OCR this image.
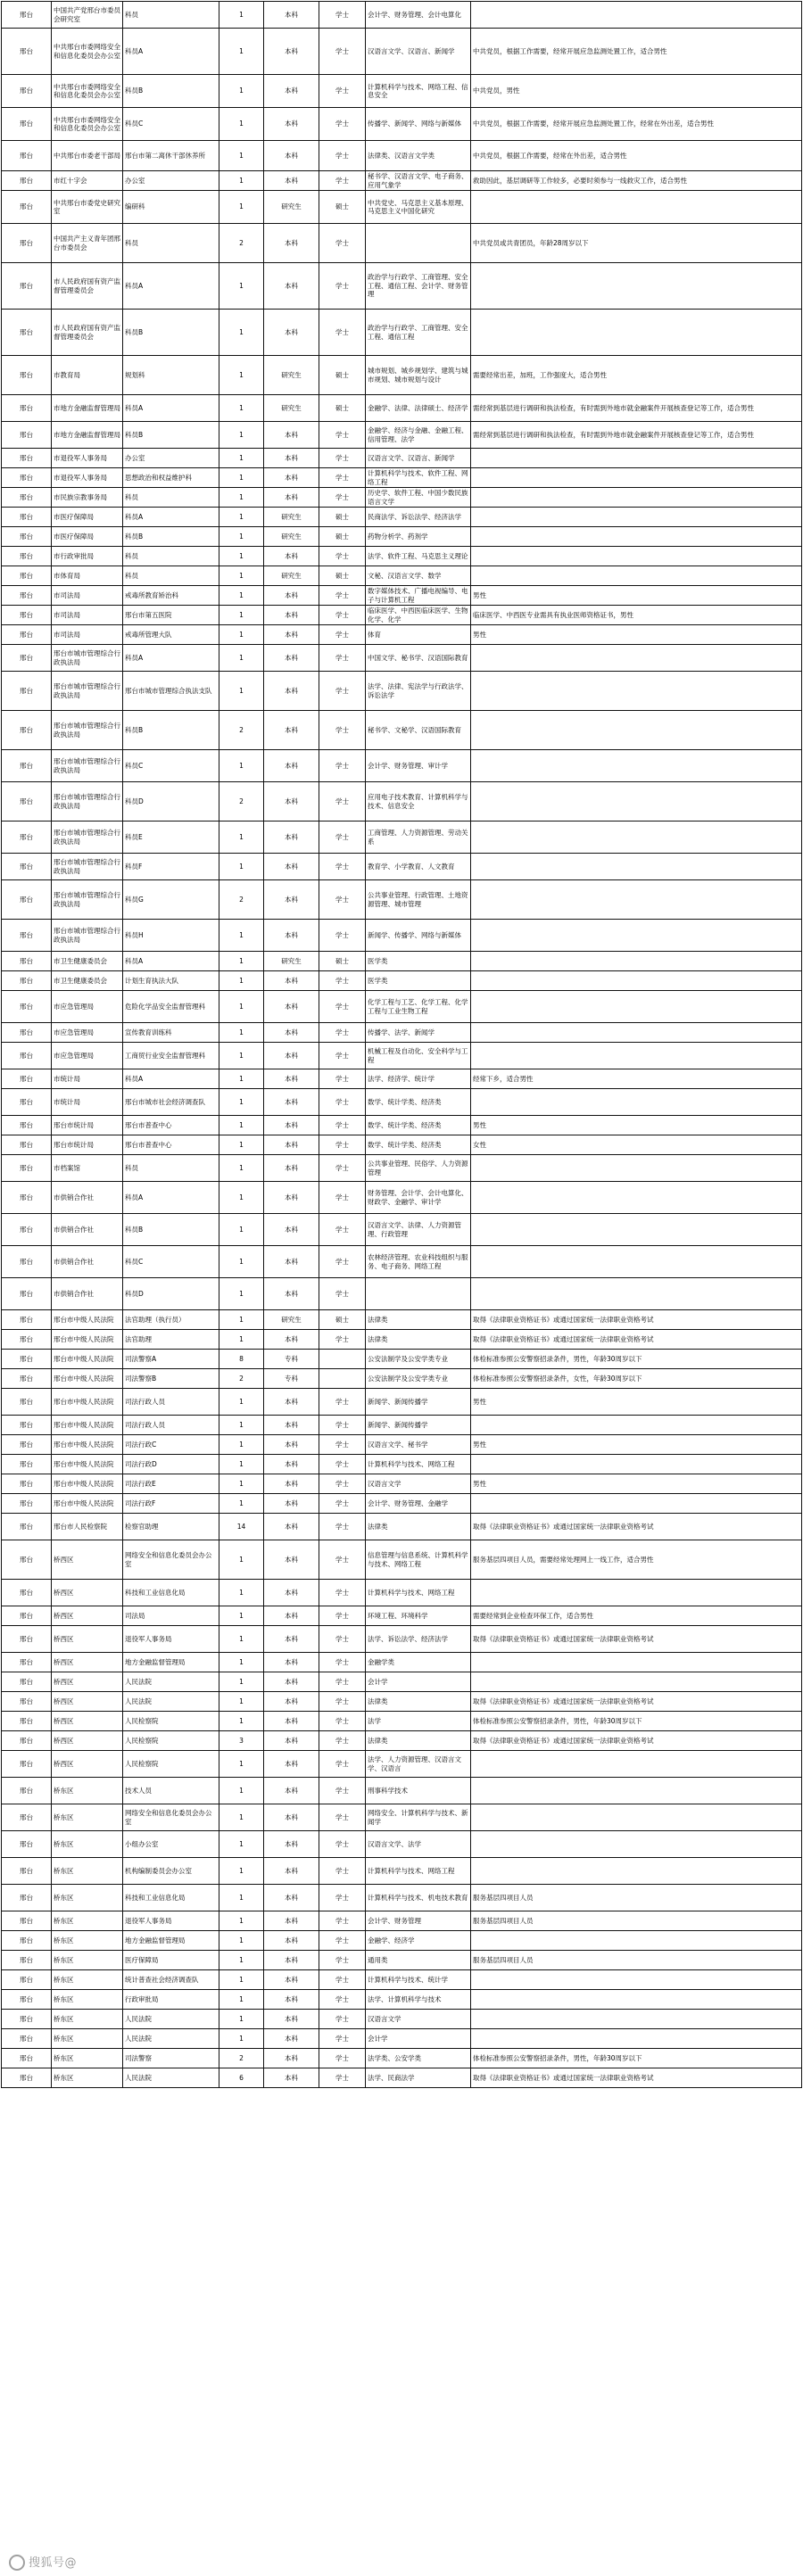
邢台	中国共产党邢台市委员会研究室	科员	1	本科	学士	会计学、财务管理、会计电算化	
邢台	中共邢台市委网络安全和信息化委员会办公室	科员A	1	本科	学士	汉语言文学、汉语言、新闻学	中共党员，根据工作需要，经常开展应急监测处置工作，适合男性
邢台	中共邢台市委网络安全和信息化委员会办公室	科员B	1	本科	学士	计算机科学与技术、网络工程、信息安全	中共党员，男性
邢台	中共邢台市委网络安全和信息化委员会办公室	科员C	1	本科	学士	传播学、新闻学、网络与新媒体	中共党员，根据工作需要，经常开展应急监测处置工作，经常在外出差，适合男性
邢台	中共邢台市委老干部局	邢台市第二离休干部休养所	1	本科	学士	法律类、汉语言文学类	中共党员，根据工作需要，经常在外出差，适合男性
邢台	市红十字会	办公室	1	本科	学士	秘书学、汉语言文学、电子商务、应用气象学	救助因此，基层调研等工作较多，必要时须参与一线救灾工作，适合男性
邢台	中共邢台市委党史研究室	编研科	1	研究生	硕士	中共党史、马克思主义基本原理、马克思主义中国化研究	
邢台	中国共产主义青年团邢台市委员会	科员	2	本科	学士		中共党员或共青团员，年龄28周岁以下
邢台	市人民政府国有资产监督管理委员会	科员A	1	本科	学士	政治学与行政学、工商管理、安全工程、通信工程、会计学、财务管理	
邢台	市人民政府国有资产监督管理委员会	科员B	1	本科	学士	政治学与行政学、工商管理、安全工程、通信工程	
邢台	市教育局	规划科	1	研究生	硕士	城市规划、城乡规划学、建筑与城市规划、城市规划与设计	需要经常出差，加班，工作强度大，适合男性
邢台	市地方金融监督管理局	科员A	1	研究生	硕士	金融学、法律、法律硕士、经济学	需经常到基层进行调研和执法检查，有时需到外地市就金融案件开展核查登记等工作，适合男性
邢台	市地方金融监督管理局	科员B	1	本科	学士	金融学、经济与金融、金融工程、信用管理、法学	需经常到基层进行调研和执法检查，有时需到外地市就金融案件开展核查登记等工作，适合男性
邢台	市退役军人事务局	办公室	1	本科	学士	汉语言文学、汉语言、新闻学	
邢台	市退役军人事务局	思想政治和权益维护科	1	本科	学士	计算机科学与技术、软件工程、网络工程	
邢台	市民族宗教事务局	科员	1	本科	学士	历史学、软件工程、中国少数民族语言文学	
邢台	市医疗保障局	科员A	1	研究生	硕士	民商法学、诉讼法学、经济法学	
邢台	市医疗保障局	科员B	1	研究生	硕士	药物分析学、药剂学	
邢台	市行政审批局	科员	1	本科	学士	法学、软件工程、马克思主义理论	
邢台	市体育局	科员	1	研究生	硕士	文秘、汉语言文学、数学	
邢台	市司法局	戒毒所教育矫治科	1	本科	学士	数字媒体技术、广播电视编导、电子与计算机工程	男性
邢台	市司法局	邢台市第五医院	1	本科	学士	临床医学、中西医临床医学、生物化学、化学	临床医学、中西医专业需具有执业医师资格证书，男性
邢台	市司法局	戒毒所管理大队	1	本科	学士	体育	男性
邢台	邢台市城市管理综合行政执法局	科员A	1	本科	学士	中国文学、秘书学、汉语国际教育	
邢台	邢台市城市管理综合行政执法局	邢台市城市管理综合执法支队	1	本科	学士	法学、法律、宪法学与行政法学、诉讼法学	
邢台	邢台市城市管理综合行政执法局	科员B	2	本科	学士	秘书学、文秘学、汉语国际教育	
邢台	邢台市城市管理综合行政执法局	科员C	1	本科	学士	会计学、财务管理、审计学	
邢台	邢台市城市管理综合行政执法局	科员D	2	本科	学士	应用电子技术教育、计算机科学与技术、信息安全	
邢台	邢台市城市管理综合行政执法局	科员E	1	本科	学士	工商管理、人力资源管理、劳动关系	
邢台	邢台市城市管理综合行政执法局	科员F	1	本科	学士	教育学、小学教育、人文教育	
邢台	邢台市城市管理综合行政执法局	科员G	2	本科	学士	公共事业管理、行政管理、土地资源管理、城市管理	
邢台	邢台市城市管理综合行政执法局	科员H	1	本科	学士	新闻学、传播学、网络与新媒体	
邢台	市卫生健康委员会	科员A	1	研究生	硕士	医学类	
邢台	市卫生健康委员会	计划生育执法大队	1	本科	学士	医学类	
邢台	市应急管理局	危险化学品安全监督管理科	1	本科	学士	化学工程与工艺、化学工程、化学工程与工业生物工程	
邢台	市应急管理局	宣传教育训练科	1	本科	学士	传播学、法学、新闻学	
邢台	市应急管理局	工商贸行业安全监督管理科	1	本科	学士	机械工程及自动化、安全科学与工程	
邢台	市统计局	科员A	1	本科	学士	法学、经济学、统计学	经常下乡，适合男性
邢台	市统计局	邢台市城市社会经济调查队	1	本科	学士	数学、统计学类、经济类	
邢台	邢台市统计局	邢台市普查中心	1	本科	学士	数学、统计学类、经济类	男性
邢台	邢台市统计局	邢台市普查中心	1	本科	学士	数学、统计学类、经济类	女性
邢台	市档案馆	科员	1	本科	学士	公共事业管理、民俗学、人力资源管理	
邢台	市供销合作社	科员A	1	本科	学士	财务管理、会计学、会计电算化、财政学、金融学、审计学	
邢台	市供销合作社	科员B	1	本科	学士	汉语言文学、法律、人力资源管理、行政管理	
邢台	市供销合作社	科员C	1	本科	学士	农林经济管理、农业科技组织与服务、电子商务、网络工程	
邢台	市供销合作社	科员D	1	本科	学士		
邢台	邢台市中级人民法院	法官助理（执行员）	1	研究生	硕士	法律类	取得《法律职业资格证书》或通过国家统一法律职业资格考试
邢台	邢台市中级人民法院	法官助理	1	本科	学士	法律类	取得《法律职业资格证书》或通过国家统一法律职业资格考试
邢台	邢台市中级人民法院	司法警察A	8	专科		公安法制学及公安学类专业	体检标准参照公安警察招录条件，男性，年龄30周岁以下
邢台	邢台市中级人民法院	司法警察B	2	专科		公安法制学及公安学类专业	体检标准参照公安警察招录条件，女性，年龄30周岁以下
邢台	邢台市中级人民法院	司法行政人员	1	本科	学士	新闻学、新闻传播学	男性
邢台	邢台市中级人民法院	司法行政人员	1	本科	学士	新闻学、新闻传播学	
邢台	邢台市中级人民法院	司法行政C	1	本科	学士	汉语言文学、秘书学	男性
邢台	邢台市中级人民法院	司法行政D	1	本科	学士	计算机科学与技术、网络工程	
邢台	邢台市中级人民法院	司法行政E	1	本科	学士	汉语言文学	男性
邢台	邢台市中级人民法院	司法行政F	1	本科	学士	会计学、财务管理、金融学	
邢台	邢台市人民检察院	检察官助理	14	本科	学士	法律类	取得《法律职业资格证书》或通过国家统一法律职业资格考试
邢台	桥西区	网络安全和信息化委员会办公室	1	本科	学士	信息管理与信息系统、计算机科学与技术、网络工程	服务基层四项目人员，需要经常处理网上一线工作，适合男性
邢台	桥西区	科技和工业信息化局	1	本科	学士	计算机科学与技术、网络工程	
邢台	桥西区	司法局	1	本科	学士	环境工程、环境科学	需要经常到企业检查环保工作，适合男性
邢台	桥西区	退役军人事务局	1	本科	学士	法学、诉讼法学、经济法学	取得《法律职业资格证书》或通过国家统一法律职业资格考试
邢台	桥西区	地方金融监督管理局	1	本科	学士	金融学类	
邢台	桥西区	人民法院	1	本科	学士	会计学	
邢台	桥西区	人民法院	1	本科	学士	法律类	取得《法律职业资格证书》或通过国家统一法律职业资格考试
邢台	桥西区	人民检察院	1	本科	学士	法学	体检标准参照公安警察招录条件，男性，年龄30周岁以下
邢台	桥西区	人民检察院	3	本科	学士	法律类	取得《法律职业资格证书》或通过国家统一法律职业资格考试
邢台	桥西区	人民检察院	1	本科	学士	法学、人力资源管理、汉语言文学、汉语言	
邢台	桥东区	技术人员	1	本科	学士	刑事科学技术	
邢台	桥东区	网络安全和信息化委员会办公室	1	本科	学士	网络安全、计算机科学与技术、新闻学	
邢台	桥东区	小组办公室	1	本科	学士	汉语言文学、法学	
邢台	桥东区	机构编制委员会办公室	1	本科	学士	计算机科学与技术、网络工程	
邢台	桥东区	科技和工业信息化局	1	本科	学士	计算机科学与技术、机电技术教育	服务基层四项目人员
邢台	桥东区	退役军人事务局	1	本科	学士	会计学、财务管理	服务基层四项目人员
邢台	桥东区	地方金融监督管理局	1	本科	学士	金融学、经济学	
邢台	桥东区	医疗保障局	1	本科	学士	通用类	服务基层四项目人员
邢台	桥东区	统计普查社会经济调查队	1	本科	学士	计算机科学与技术、统计学	
邢台	桥东区	行政审批局	1	本科	学士	法学、计算机科学与技术	
邢台	桥东区	人民法院	1	本科	学士	汉语言文学	
邢台	桥东区	人民法院	1	本科	学士	会计学	
邢台	桥东区	司法警察	2	本科	学士	法学类、公安学类	体检标准参照公安警察招录条件，男性，年龄30周岁以下
邢台	桥东区	人民法院	6	本科	学士	法学、民商法学	取得《法律职业资格证书》或通过国家统一法律职业资格考试
搜狐号@
